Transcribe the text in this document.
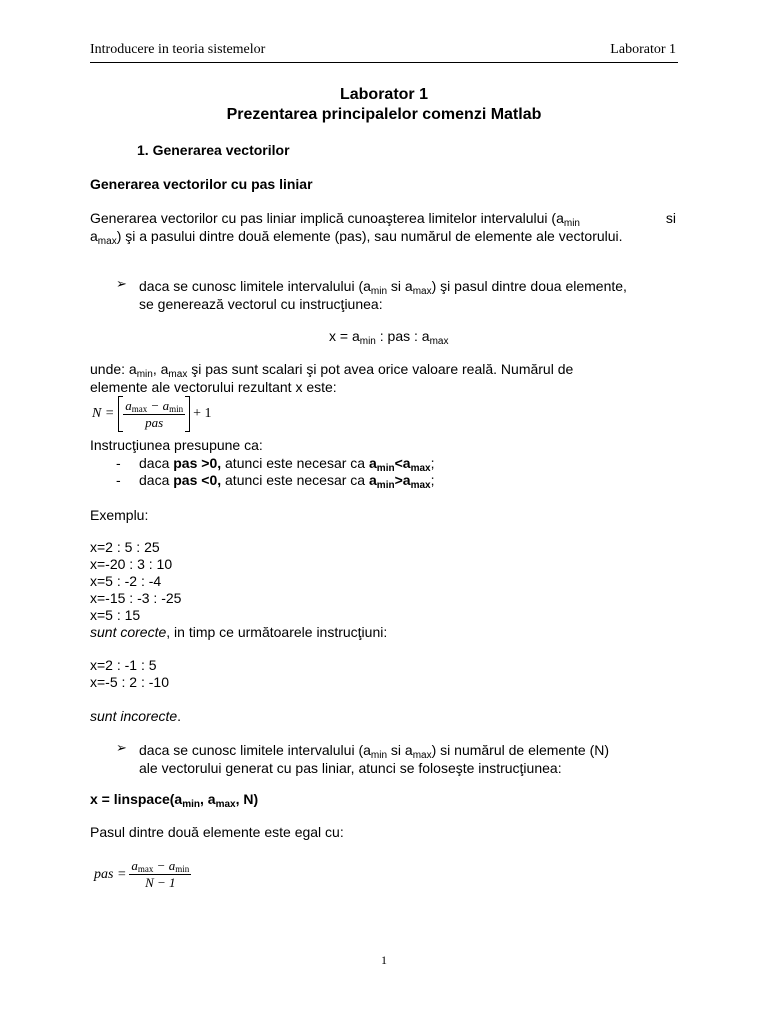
Introducere in teoria sistemelor	Laborator 1
Laborator 1
Prezentarea principalelor comenzi Matlab
1. Generarea vectorilor
Generarea vectorilor cu pas liniar
Generarea vectorilor cu pas liniar implică cunoaşterea limitelor intervalului ($a_{min}$	si
$a_{max}$) şi a pasului dintre două elemente (pas), sau numărul de elemente ale vectorului.
➢ daca se cunosc limitele intervalului ($a_{min}$ si $a_{max}$) şi pasul dintre doua elemente,
se generează vectorul cu instrucţiunea:
$x = a_{min}$ : pas : $a_{max}$
unde: $a_{min}$, $a_{max}$ şi pas sunt scalari şi pot avea orice valoare reală. Numărul de
elemente ale vectorului rezultant x este:
$N = \frac{amax - amin}{\text{pas}} + 1$
Instrucţiunea presupune ca:
- daca pas >0, atunci este necesar ca $a_{min}<a_{max}$;
- daca pas <0, atunci este necesar ca $a_{min}>a_{max}$;
Exemplu:
x=2 : 5 : 25
x=-20 : 3 : 10
x=5 : -2 : -4
x=-15 : -3 : -25
x=5 : 15
sunt corecte, in timp ce următoarele instrucţiuni:
x=2 : -1 : 5
x=-5 : 2 : -10
sunt incorecte.
➢ daca se cunosc limitele intervalului ($a_{min}$ si $a_{max}$) si numărul de elemente (N)
ale vectorului generat cu pas liniar, atunci se foloseşte instrucţiunea:
$x = linspace(a_{min}$, $a_{max}$, N)
Pasul dintre două elemente este egal cu:
pas = $\frac{amax - amin}{N - 1}$
1
